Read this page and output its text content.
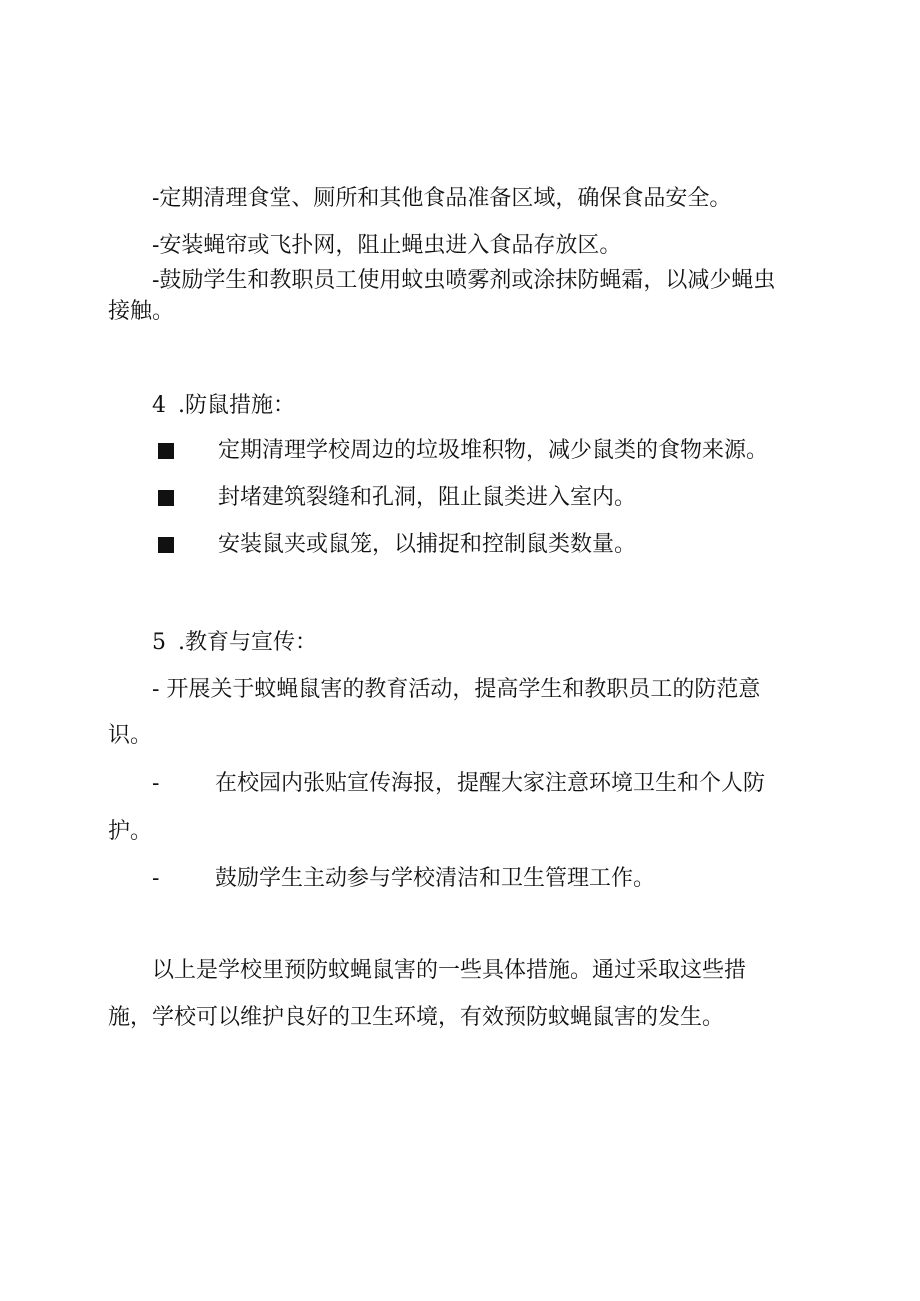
-定期清理食堂、厕所和其他食品准备区域，确保食品安全。
-安装蝇帘或飞扑网，阻止蝇虫进入食品存放区。
-鼓励学生和教职员工使用蚊虫喷雾剂或涂抹防蝇霜，以减少蝇虫
接触。
4 .防鼠措施：
定期清理学校周边的垃圾堆积物，减少鼠类的食物来源。
封堵建筑裂缝和孔洞，阻止鼠类进入室内。
安装鼠夹或鼠笼，以捕捉和控制鼠类数量。
5 .教育与宣传：
- 开展关于蚊蝇鼠害的教育活动，提高学生和教职员工的防范意
识。
-	在校园内张贴宣传海报，提醒大家注意环境卫生和个人防
护。
-	鼓励学生主动参与学校清洁和卫生管理工作。
以上是学校里预防蚊蝇鼠害的一些具体措施。通过采取这些措
施，学校可以维护良好的卫生环境，有效预防蚊蝇鼠害的发生。
